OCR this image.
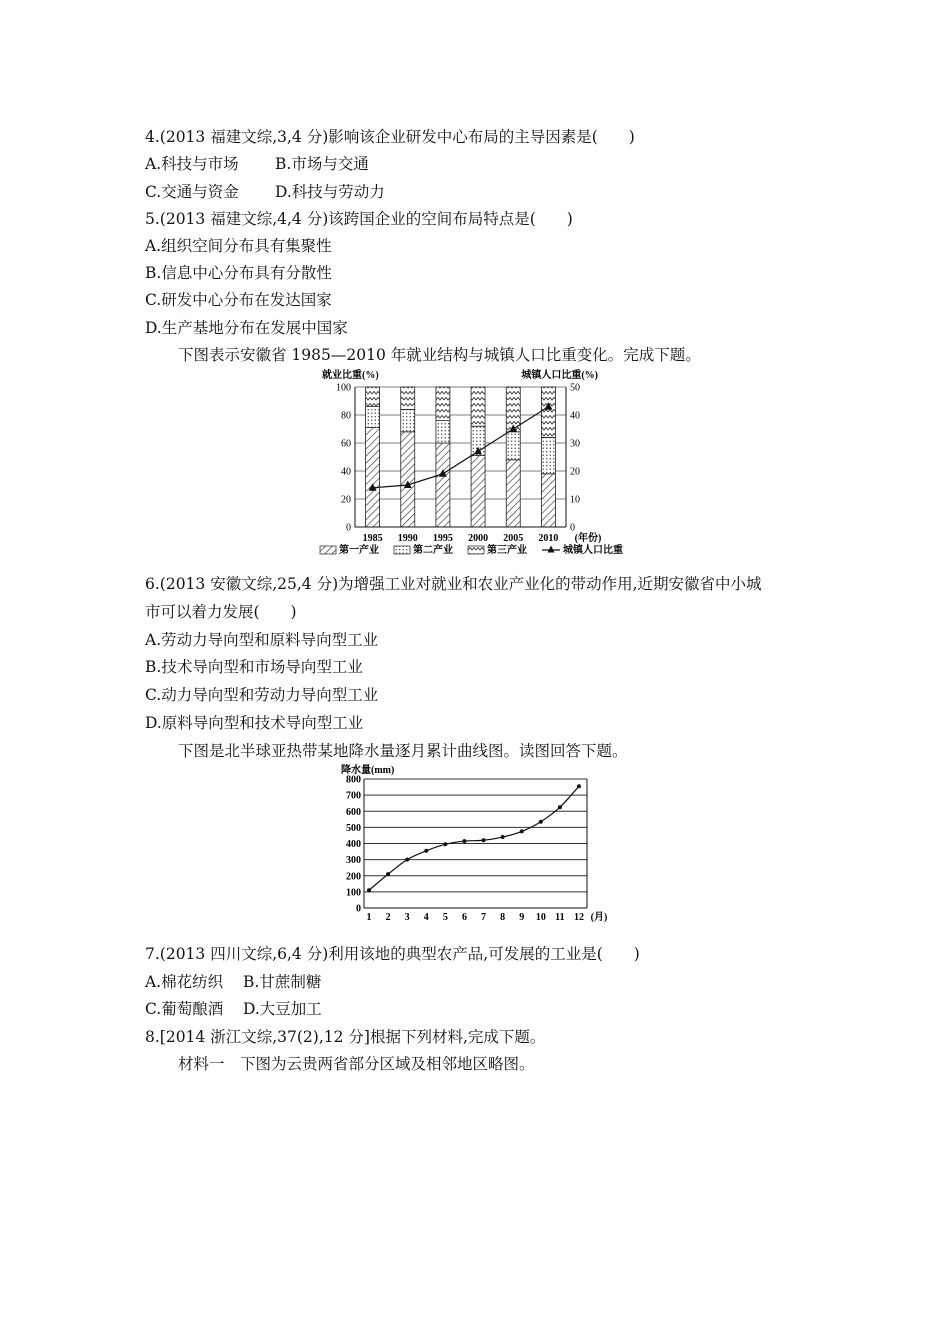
4.(2013 福建文综,3,4 分)影响该企业研发中心布局的主导因素是(　　)
A.科技与市场 B.市场与交通
C.交通与资金 D.科技与劳动力
5.(2013 福建文综,4,4 分)该跨国企业的空间布局特点是(　　)
A.组织空间分布具有集聚性
B.信息中心分布具有分散性
C.研发中心分布在发达国家
D.生产基地分布在发展中国家
下图表示安徽省 1985—2010 年就业结构与城镇人口比重变化。完成下题。
就业比重(%)	城镇人口比重(%)
0
20
40
60
80
100
0
10
20
30
40
50
1985 1990 1995 2000 2005 2010 (年份)
第一产业	第二产业	第三产业	城镇人口比重
6.(2013 安徽文综,25,4 分)为增强工业对就业和农业产业化的带动作用,近期安徽省中小城
市可以着力发展(　　)
A.劳动力导向型和原料导向型工业
B.技术导向型和市场导向型工业
C.动力导向型和劳动力导向型工业
D.原料导向型和技术导向型工业
下图是北半球亚热带某地降水量逐月累计曲线图。读图回答下题。
降水量(mm)
0
100
200
300
400
500
600
700
800
1 2 3 4 5 6 7 8 9 10 11 12 (月)
7.(2013 四川文综,6,4 分)利用该地的典型农产品,可发展的工业是(　　)
A.棉花纺织 B.甘蔗制糖
C.葡萄酿酒 D.大豆加工
8.[2014 浙江文综,37(2),12 分]根据下列材料,完成下题。
材料一　下图为云贵两省部分区域及相邻地区略图。
